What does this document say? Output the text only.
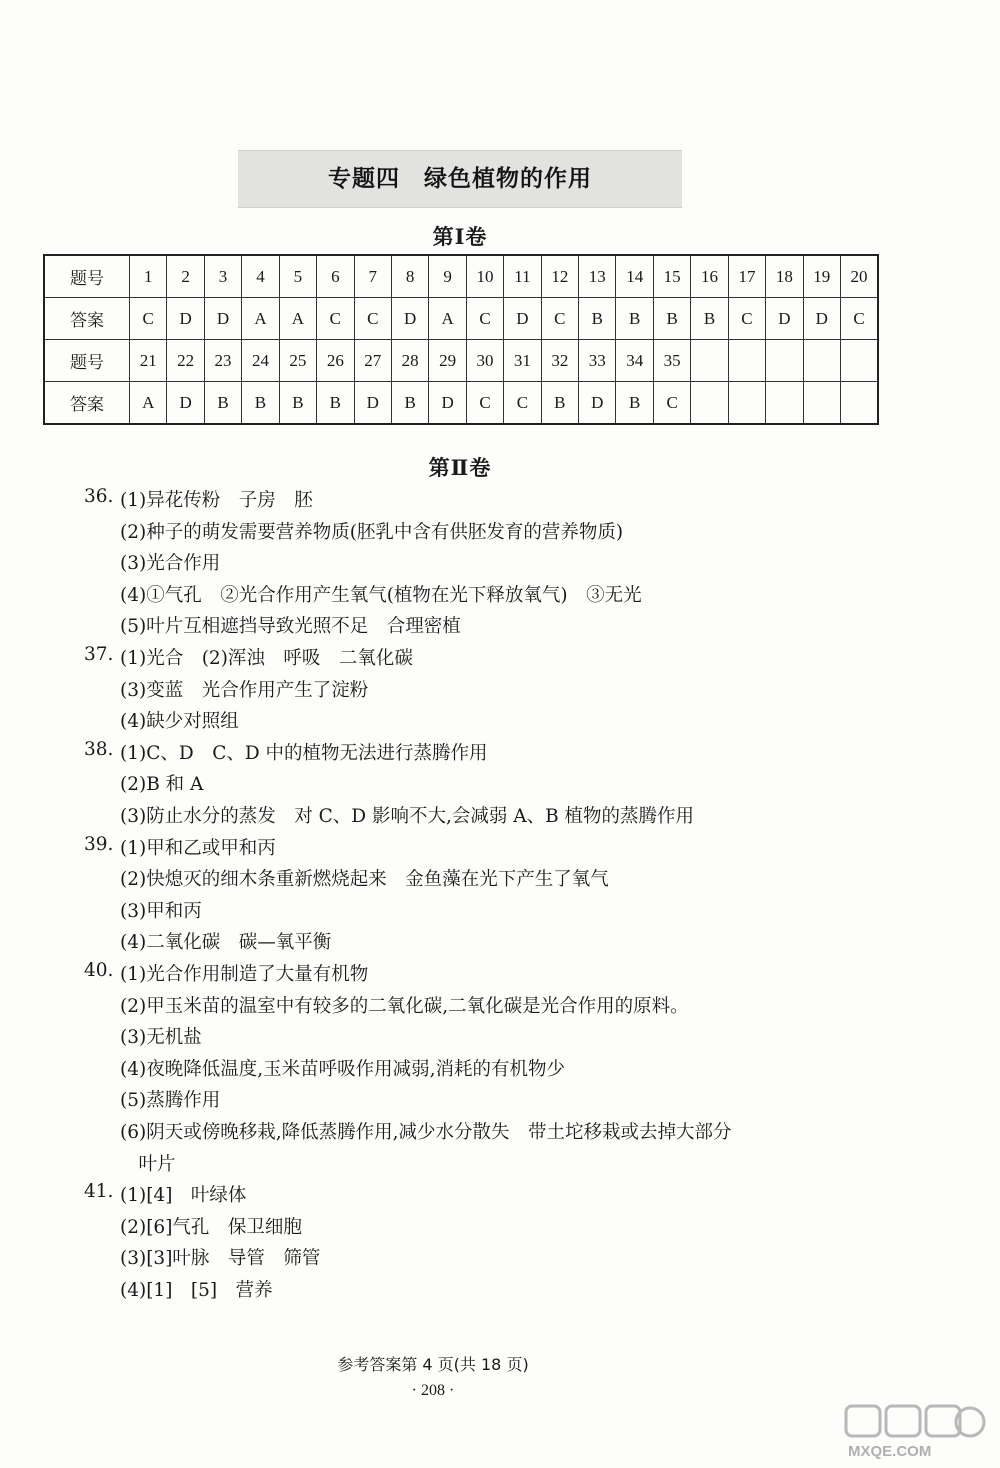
专题四　绿色植物的作用
第Ⅰ卷
题号	1	2	3	4	5	6	7	8	9	10	11	12	13	14	15	16	17	18	19	20
答案	C	D	D	A	A	C	C	D	A	C	D	C	B	B	B	B	C	D	D	C
题号	21	22	23	24	25	26	27	28	29	30	31	32	33	34	35					
答案	A	D	B	B	B	B	D	B	D	C	C	B	D	B	C					
第Ⅱ卷
36. (1)异花传粉　子房　胚
(2)种子的萌发需要营养物质(胚乳中含有供胚发育的营养物质)
(3)光合作用
(4)①气孔　②光合作用产生氧气(植物在光下释放氧气)　③无光
(5)叶片互相遮挡导致光照不足　合理密植
37. (1)光合　(2)浑浊　呼吸　二氧化碳
(3)变蓝　光合作用产生了淀粉
(4)缺少对照组
38. (1)C、D　C、D 中的植物无法进行蒸腾作用
(2)B 和 A
(3)防止水分的蒸发　对 C、D 影响不大,会减弱 A、B 植物的蒸腾作用
39. (1)甲和乙或甲和丙
(2)快熄灭的细木条重新燃烧起来　金鱼藻在光下产生了氧气
(3)甲和丙
(4)二氧化碳　碳—氧平衡
40. (1)光合作用制造了大量有机物
(2)甲玉米苗的温室中有较多的二氧化碳,二氧化碳是光合作用的原料。
(3)无机盐
(4)夜晚降低温度,玉米苗呼吸作用减弱,消耗的有机物少
(5)蒸腾作用
(6)阴天或傍晚移栽,降低蒸腾作用,减少水分散失　带土坨移栽或去掉大部分
　叶片
41. (1)[4]　叶绿体
(2)[6]气孔　保卫细胞
(3)[3]叶脉　导管　筛管
(4)[1]　[5]　营养
参考答案第 4 页(共 18 页)
· 208 ·
MXQE.COM
